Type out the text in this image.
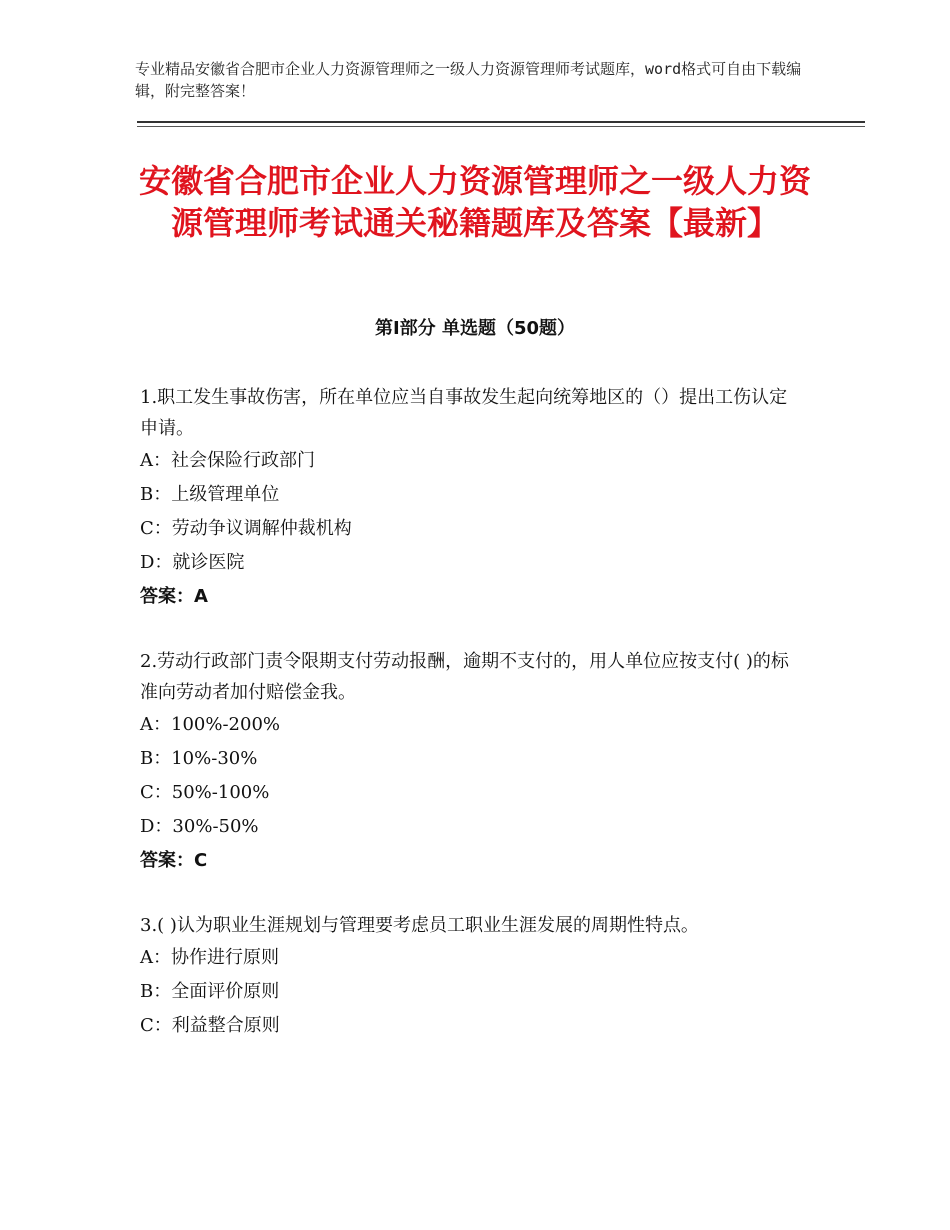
专业精品安徽省合肥市企业人力资源管理师之一级人力资源管理师考试题库，word格式可自由下载编辑，附完整答案！
安徽省合肥市企业人力资源管理师之一级人力资源管理师考试通关秘籍题库及答案【最新】
第Ⅰ部分 单选题（50题）
1.职工发生事故伤害，所在单位应当自事故发生起向统筹地区的（）提出工伤认定申请。
A：社会保险行政部门
B：上级管理单位
C：劳动争议调解仲裁机构
D：就诊医院
答案：A
2.劳动行政部门责令限期支付劳动报酬，逾期不支付的，用人单位应按支付( )的标准向劳动者加付赔偿金我。
A：100%-200%
B：10%-30%
C：50%-100%
D：30%-50%
答案：C
3.( )认为职业生涯规划与管理要考虑员工职业生涯发展的周期性特点。
A：协作进行原则
B：全面评价原则
C：利益整合原则
